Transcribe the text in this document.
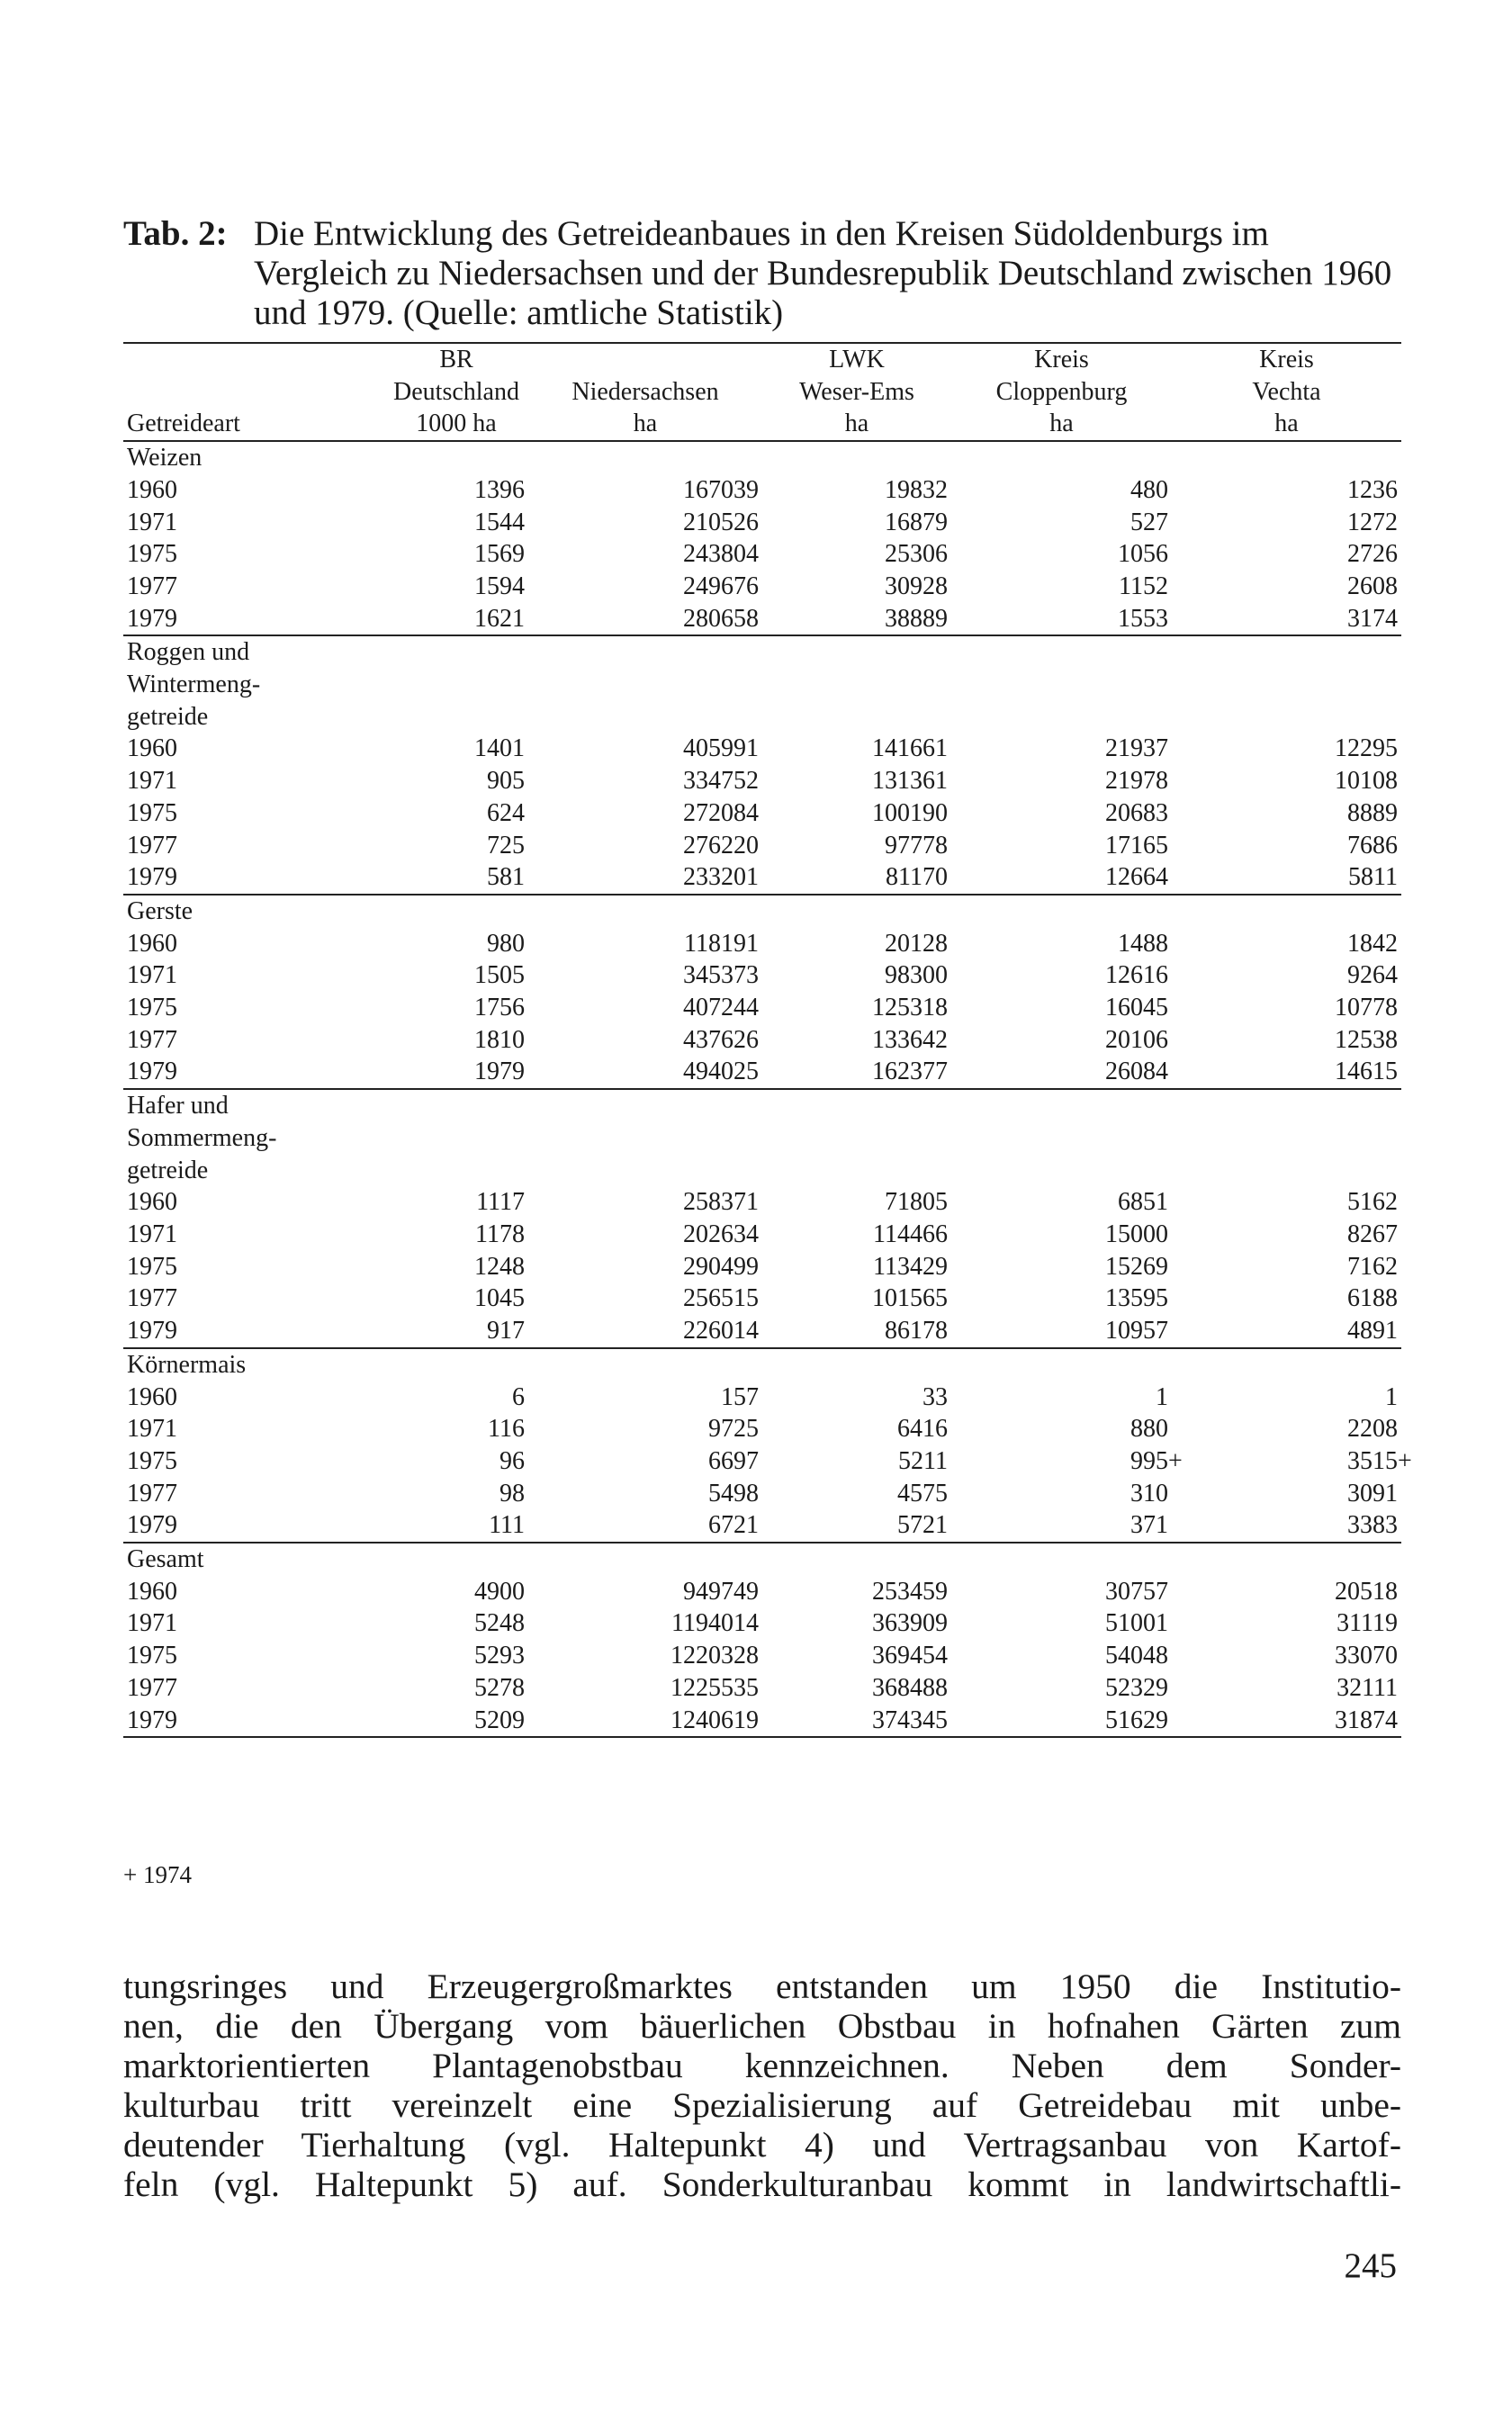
Tab. 2: Die Entwicklung des Getreideanbaues in den Kreisen Südoldenburgs im Vergleich zu Niedersachsen und der Bundesrepublik Deutschland zwischen 1960 und 1979. (Quelle: amtliche Statistik)
	BR		LWK	Kreis	Kreis
	Deutschland	Niedersachsen	Weser-Ems	Cloppenburg	Vechta
Getreideart	1000 ha	ha	ha	ha	ha
Weizen					
1960	1396	167039	19832	480	1236
1971	1544	210526	16879	527	1272
1975	1569	243804	25306	1056	2726
1977	1594	249676	30928	1152	2608
1979	1621	280658	38889	1553	3174
Roggen und					
Wintermeng-					
getreide					
1960	1401	405991	141661	21937	12295
1971	905	334752	131361	21978	10108
1975	624	272084	100190	20683	8889
1977	725	276220	97778	17165	7686
1979	581	233201	81170	12664	5811
Gerste					
1960	980	118191	20128	1488	1842
1971	1505	345373	98300	12616	9264
1975	1756	407244	125318	16045	10778
1977	1810	437626	133642	20106	12538
1979	1979	494025	162377	26084	14615
Hafer und					
Sommermeng-					
getreide					
1960	1117	258371	71805	6851	5162
1971	1178	202634	114466	15000	8267
1975	1248	290499	113429	15269	7162
1977	1045	256515	101565	13595	6188
1979	917	226014	86178	10957	4891
Körnermais					
1960	6	157	33	1	1
1971	116	9725	6416	880	2208
1975	96	6697	5211	995+	3515+
1977	98	5498	4575	310	3091
1979	111	6721	5721	371	3383
Gesamt					
1960	4900	949749	253459	30757	20518
1971	5248	1194014	363909	51001	31119
1975	5293	1220328	369454	54048	33070
1977	5278	1225535	368488	52329	32111
1979	5209	1240619	374345	51629	31874
+ 1974
tungsringes und Erzeugergroßmarktes entstanden um 1950 die Institutio-
nen, die den Übergang vom bäuerlichen Obstbau in hofnahen Gärten zum
marktorientierten Plantagenobstbau kennzeichnen. Neben dem Sonder-
kulturbau tritt vereinzelt eine Spezialisierung auf Getreidebau mit unbe-
deutender Tierhaltung (vgl. Haltepunkt 4) und Vertragsanbau von Kartof-
feln (vgl. Haltepunkt 5) auf. Sonderkulturanbau kommt in landwirtschaftli-
245
